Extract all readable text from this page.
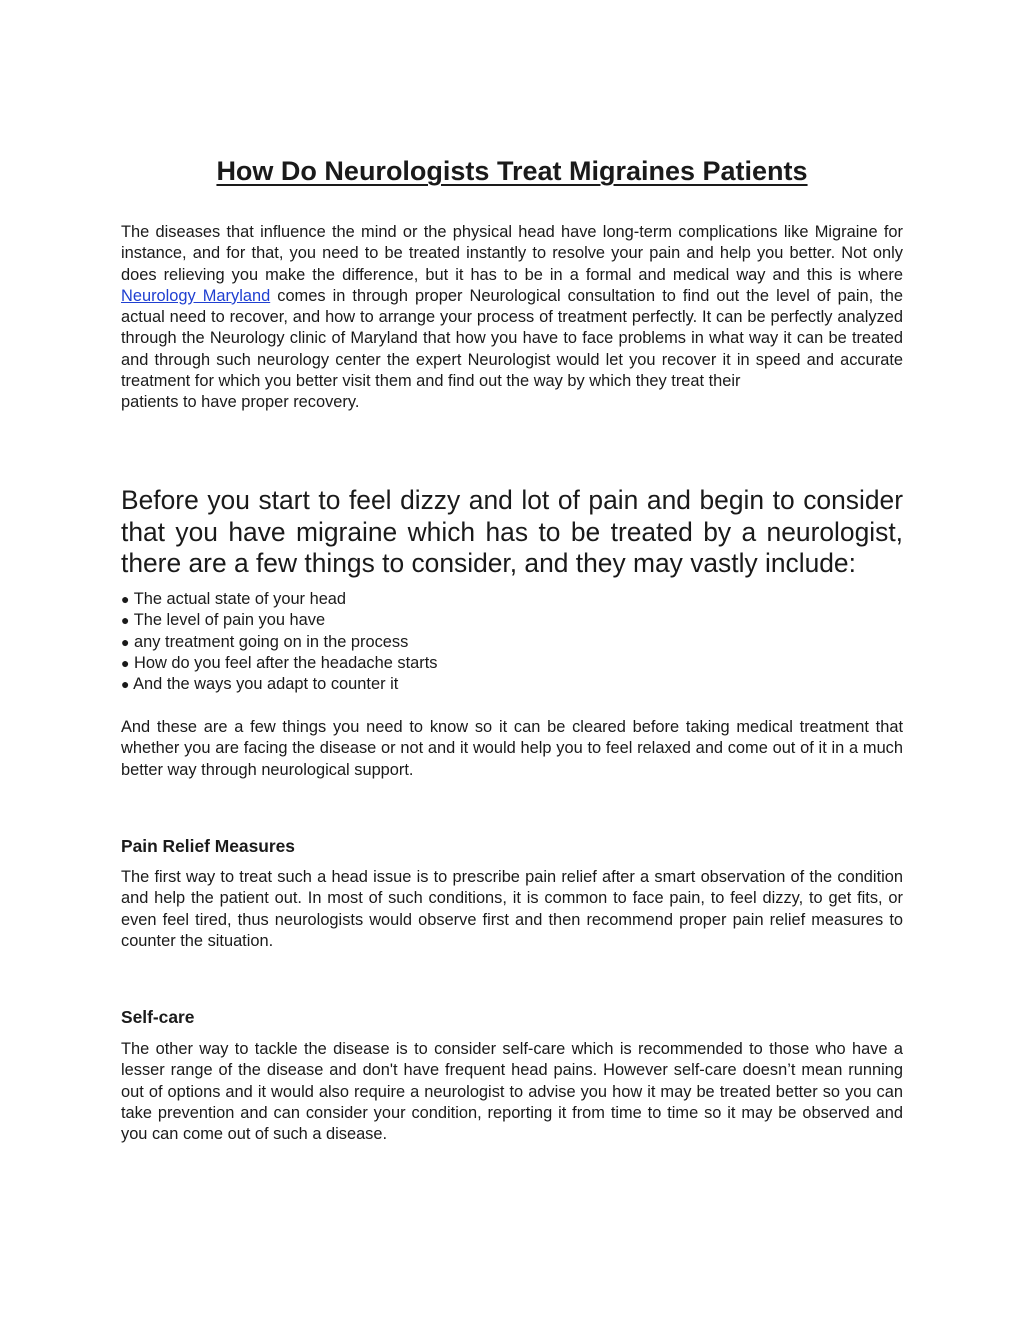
How Do Neurologists Treat Migraines Patients

The diseases that influence the mind or the physical head have long-term complications like Migraine for instance, and for that, you need to be treated instantly to resolve your pain and help you better. Not only does relieving you make the difference, but it has to be in a formal and medical way and this is where Neurology Maryland comes in through proper Neurological consultation to find out the level of pain, the actual need to recover, and how to arrange your process of treatment perfectly. It can be perfectly analyzed through the Neurology clinic of Maryland that how you have to face problems in what way it can be treated and through such neurology center the expert Neurologist would let you recover it in speed and accurate treatment for which you better visit them and find out the way by which they treat their
patients to have proper recovery.

Before you start to feel dizzy and lot of pain and begin to consider that you have migraine which has to be treated by a neurologist, there are a few things to consider, and they may vastly include:

● The actual state of your head
● The level of pain you have
● any treatment going on in the process
● How do you feel after the headache starts
● And the ways you adapt to counter it

And these are a few things you need to know so it can be cleared before taking medical treatment that whether you are facing the disease or not and it would help you to feel relaxed and come out of it in a much better way through neurological support.

Pain Relief Measures

The first way to treat such a head issue is to prescribe pain relief after a smart observation of the condition and help the patient out. In most of such conditions, it is common to face pain, to feel dizzy, to get fits, or even feel tired, thus neurologists would observe first and then recommend proper pain relief measures to counter the situation.

Self-care

The other way to tackle the disease is to consider self-care which is recommended to those who have a lesser range of the disease and don't have frequent head pains. However self-care doesn’t mean running out of options and it would also require a neurologist to advise you how it may be treated better so you can take prevention and can consider your condition, reporting it from time to time so it may be observed and you can come out of such a disease.
